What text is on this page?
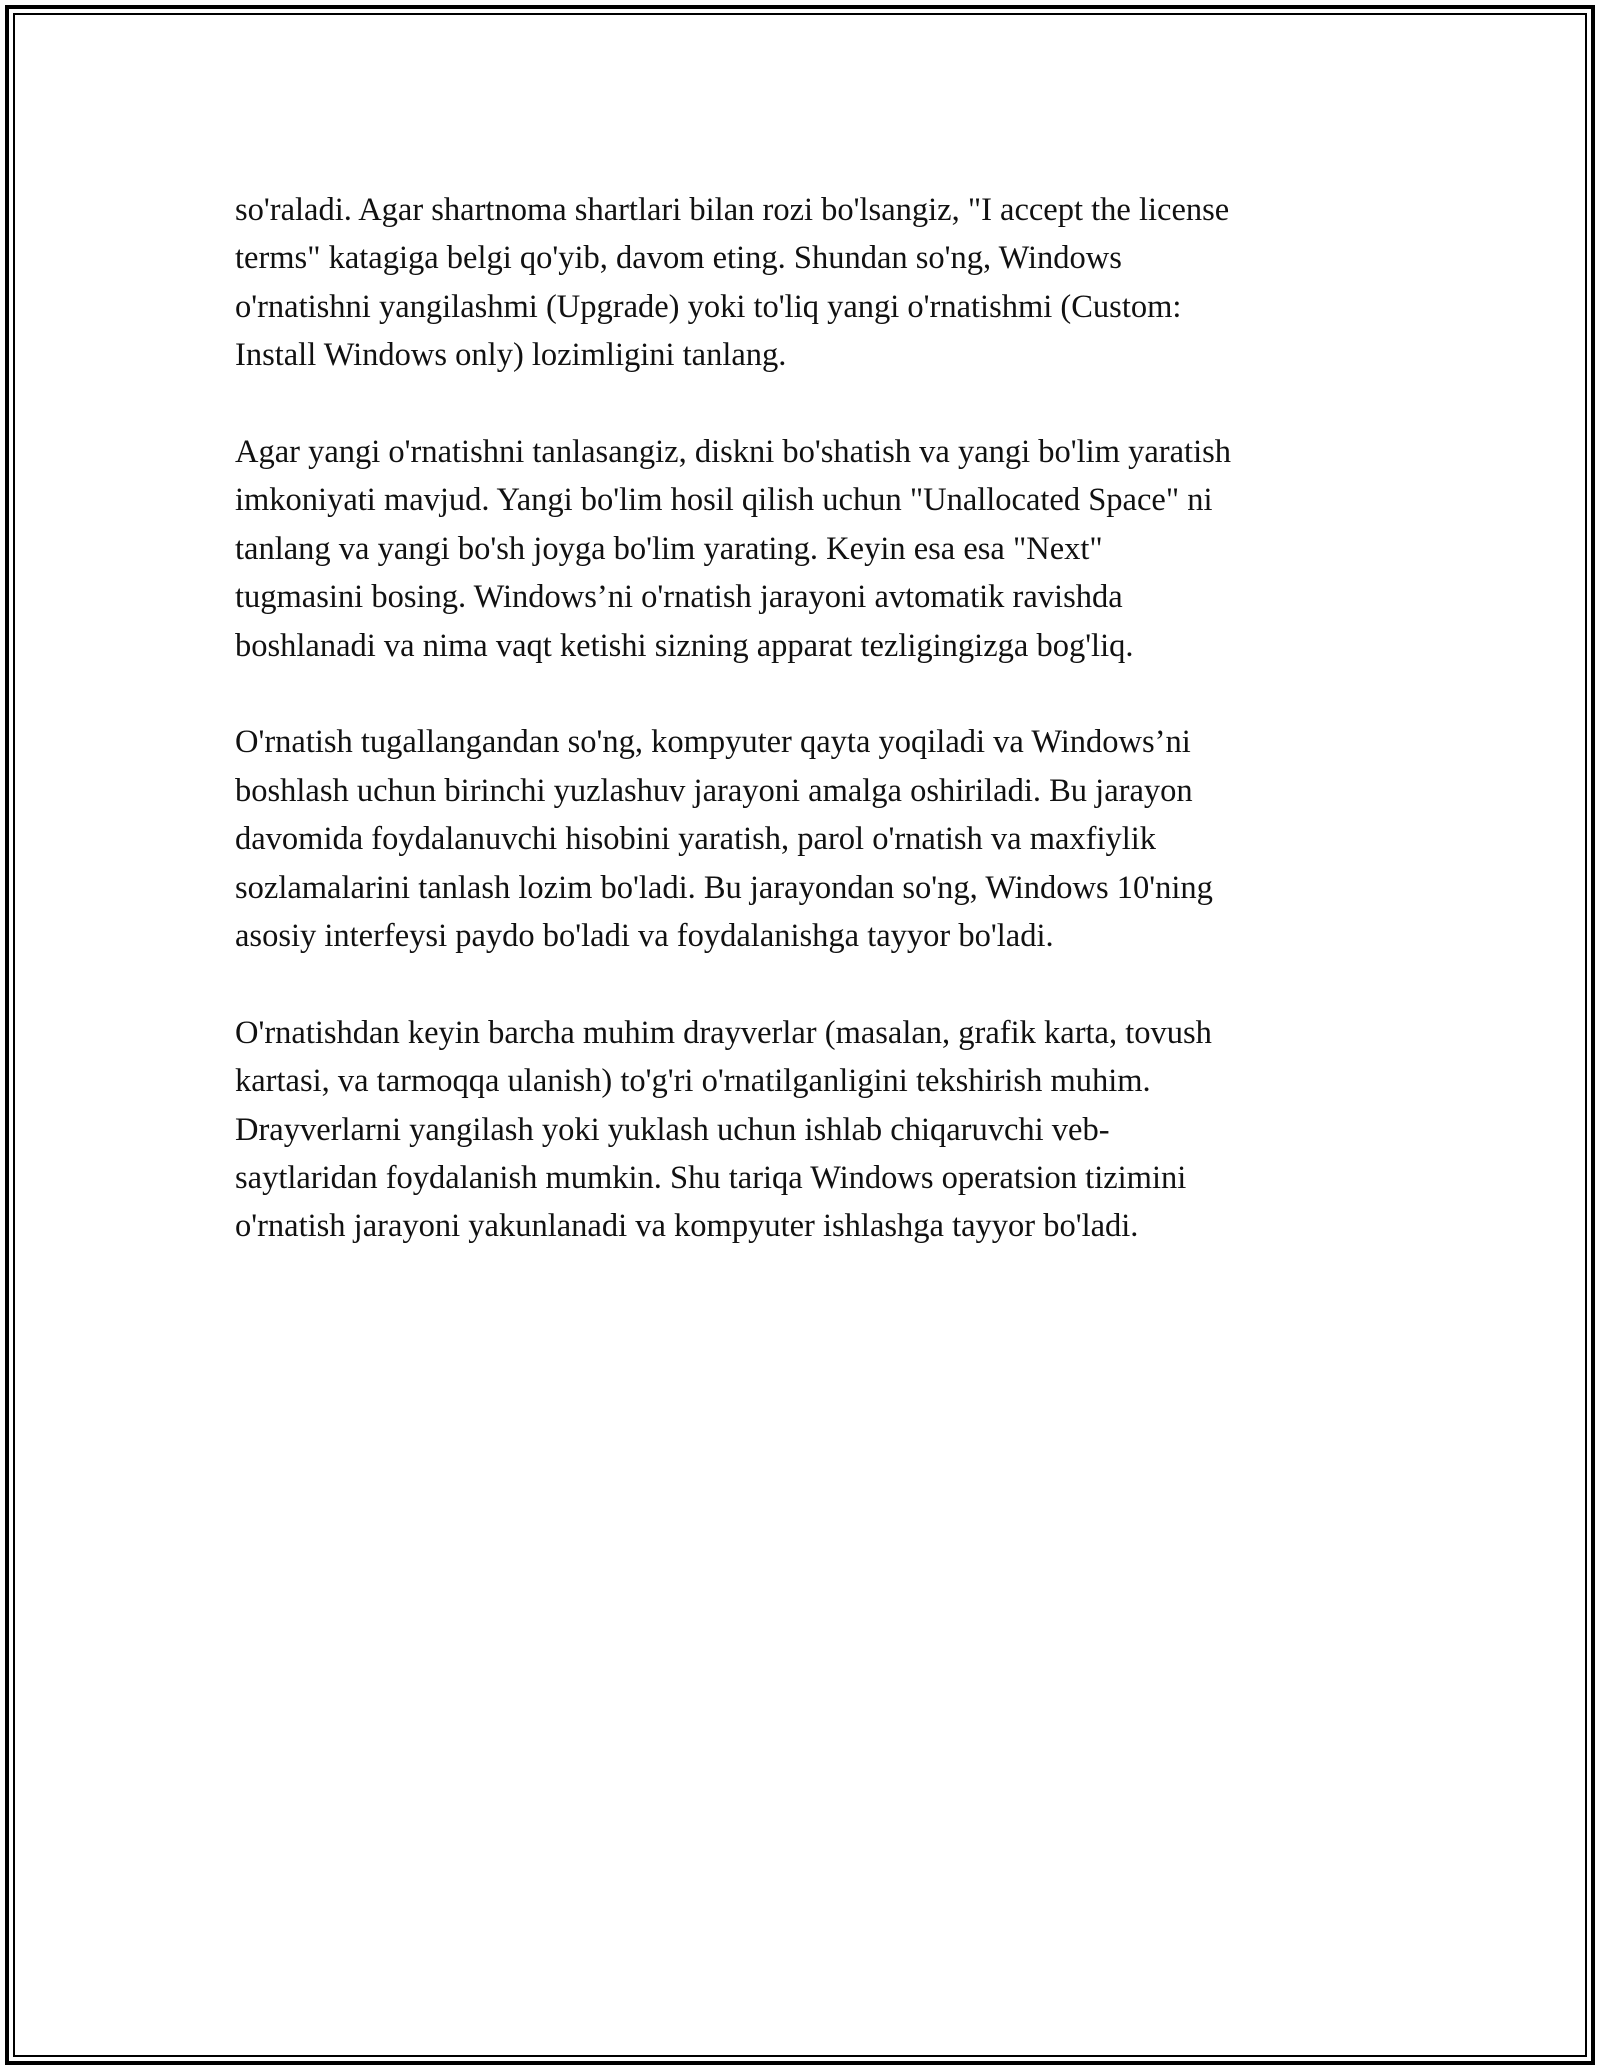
so'raladi. Agar shartnoma shartlari bilan rozi bo'lsangiz, "I accept the license
terms" katagiga belgi qo'yib, davom eting. Shundan so'ng, Windows
o'rnatishni yangilashmi (Upgrade) yoki to'liq yangi o'rnatishmi (Custom:
Install Windows only) lozimligini tanlang.

Agar yangi o'rnatishni tanlasangiz, diskni bo'shatish va yangi bo'lim yaratish
imkoniyati mavjud. Yangi bo'lim hosil qilish uchun "Unallocated Space" ni
tanlang va yangi bo'sh joyga bo'lim yarating. Keyin esa esa "Next"
tugmasini bosing. Windows’ni o'rnatish jarayoni avtomatik ravishda
boshlanadi va nima vaqt ketishi sizning apparat tezligingizga bog'liq.

O'rnatish tugallangandan so'ng, kompyuter qayta yoqiladi va Windows’ni
boshlash uchun birinchi yuzlashuv jarayoni amalga oshiriladi. Bu jarayon
davomida foydalanuvchi hisobini yaratish, parol o'rnatish va maxfiylik
sozlamalarini tanlash lozim bo'ladi. Bu jarayondan so'ng, Windows 10'ning
asosiy interfeysi paydo bo'ladi va foydalanishga tayyor bo'ladi.

O'rnatishdan keyin barcha muhim drayverlar (masalan, grafik karta, tovush
kartasi, va tarmoqqa ulanish) to'g'ri o'rnatilganligini tekshirish muhim.
Drayverlarni yangilash yoki yuklash uchun ishlab chiqaruvchi veb-
saytlaridan foydalanish mumkin. Shu tariqa Windows operatsion tizimini
o'rnatish jarayoni yakunlanadi va kompyuter ishlashga tayyor bo'ladi.
